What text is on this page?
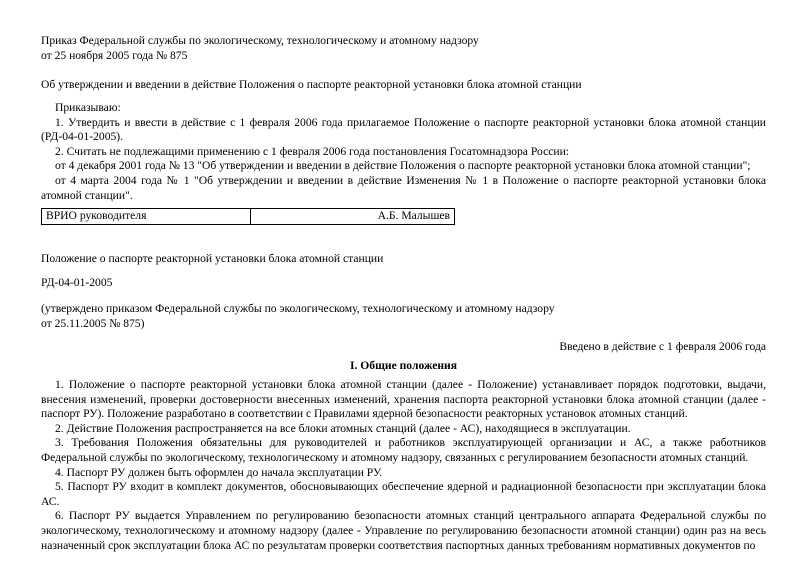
Приказ Федеральной службы по экологическому, технологическому и атомному надзору

от 25 ноября 2005 года № 875

Об утверждении и введении в действие Положения о паспорте реакторной установки блока атомной станции

Приказываю:

1. Утвердить и ввести в действие с 1 февраля 2006 года прилагаемое Положение о паспорте реакторной установки блока атомной станции (РД-04-01-2005).

2. Считать не подлежащими применению с 1 февраля 2006 года постановления Госатомнадзора России:

от 4 декабря 2001 года № 13 "Об утверждении и введении в действие Положения о паспорте реакторной установки блока атомной станции";

от 4 марта 2004 года № 1 "Об утверждении и введении в действие Изменения № 1 в Положение о паспорте реакторной установки блока атомной станции".

ВРИО руководителя	А.Б. Малышев

Положение о паспорте реакторной установки блока атомной станции

РД-04-01-2005

(утверждено приказом Федеральной службы по экологическому, технологическому и атомному надзору

от 25.11.2005 № 875)

Введено в действие с 1 февраля 2006 года

I. Общие положения

1. Положение о паспорте реакторной установки блока атомной станции (далее - Положение) устанавливает порядок подготовки, выдачи, внесения изменений, проверки достоверности внесенных изменений, хранения паспорта реакторной установки блока атомной станции (далее - паспорт РУ). Положение разработано в соответствии с Правилами ядерной безопасности реакторных установок атомных станций.

2. Действие Положения распространяется на все блоки атомных станций (далее - АС), находящиеся в эксплуатации.

3. Требования Положения обязательны для руководителей и работников эксплуатирующей организации и АС, а также работников Федеральной службы по экологическому, технологическому и атомному надзору, связанных с регулированием безопасности атомных станций.

4. Паспорт РУ должен быть оформлен до начала эксплуатации РУ.

5. Паспорт РУ входит в комплект документов, обосновывающих обеспечение ядерной и радиационной безопасности при эксплуатации блока АС.

6. Паспорт РУ выдается Управлением по регулированию безопасности атомных станций центрального аппарата Федеральной службы по экологическому, технологическому и атомному надзору (далее - Управление по регулированию безопасности атомной станции) один раз на весь назначенный срок эксплуатации блока АС по результатам проверки соответствия паспортных данных требованиям нормативных документов по
